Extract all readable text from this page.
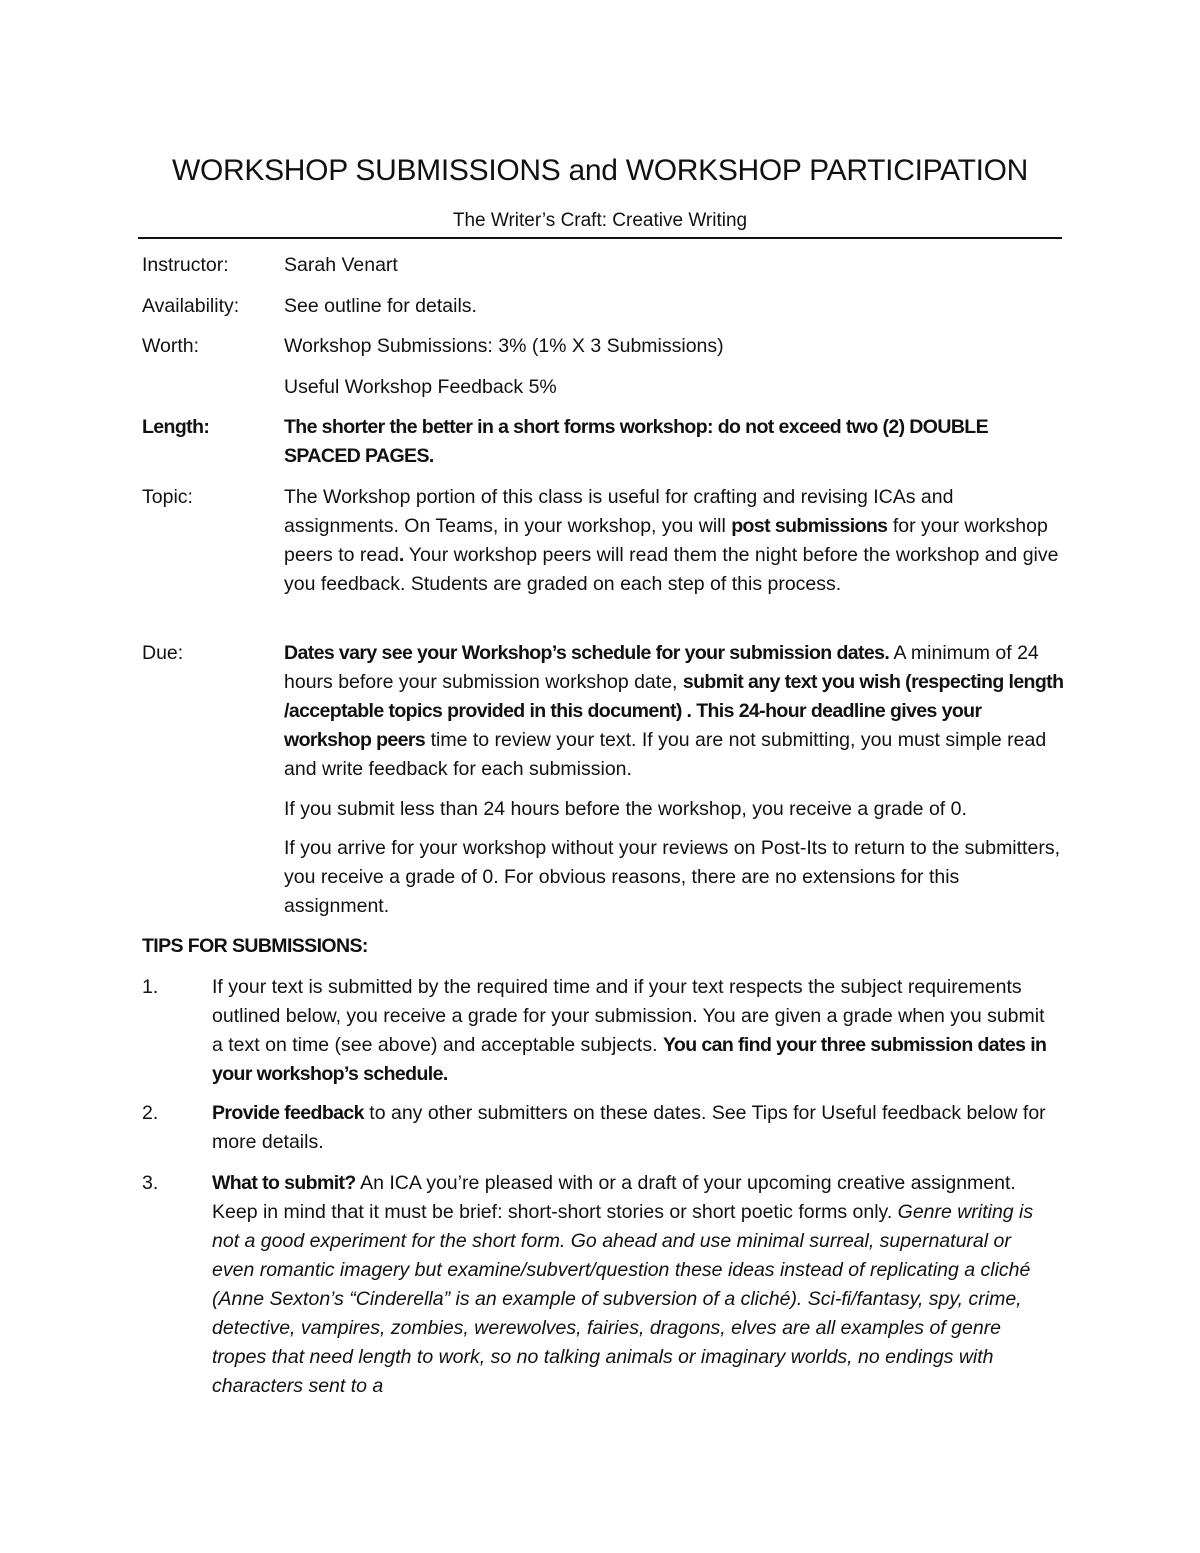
WORKSHOP SUBMISSIONS and WORKSHOP PARTICIPATION
The Writer’s Craft: Creative Writing
Instructor:	Sarah Venart
Availability: See outline for details.
Worth:	Workshop Submissions: 3% (1% X 3 Submissions)
Useful Workshop Feedback 5%
Length:	The shorter the better in a short forms workshop: do not exceed two (2) DOUBLE SPACED PAGES.
Topic:	The Workshop portion of this class is useful for crafting and revising ICAs and assignments. On Teams, in your workshop, you will post submissions for your workshop peers to read. Your workshop peers will read them the night before the workshop and give you feedback. Students are graded on each step of this process.
Due:	Dates vary see your Workshop’s schedule for your submission dates. A minimum of 24 hours before your submission workshop date, submit any text you wish (respecting length /acceptable topics provided in this document) . This 24-hour deadline gives your workshop peers time to review your text. If you are not submitting, you must simple read and write feedback for each submission.
If you submit less than 24 hours before the workshop, you receive a grade of 0.
If you arrive for your workshop without your reviews on Post-Its to return to the submitters, you receive a grade of 0. For obvious reasons, there are no extensions for this assignment.
TIPS FOR SUBMISSIONS:
1.	If your text is submitted by the required time and if your text respects the subject requirements outlined below, you receive a grade for your submission. You are given a grade when you submit a text on time (see above) and acceptable subjects. You can find your three submission dates in your workshop’s schedule.
2.	Provide feedback to any other submitters on these dates. See Tips for Useful feedback below for more details.
3.	What to submit? An ICA you’re pleased with or a draft of your upcoming creative assignment. Keep in mind that it must be brief: short-short stories or short poetic forms only. Genre writing is not a good experiment for the short form. Go ahead and use minimal surreal, supernatural or even romantic imagery but examine/subvert/question these ideas instead of replicating a cliché (Anne Sexton’s “Cinderella” is an example of subversion of a cliché). Sci-fi/fantasy, spy, crime, detective, vampires, zombies, werewolves, fairies, dragons, elves are all examples of genre tropes that need length to work, so no talking animals or imaginary worlds, no endings with characters sent to a
